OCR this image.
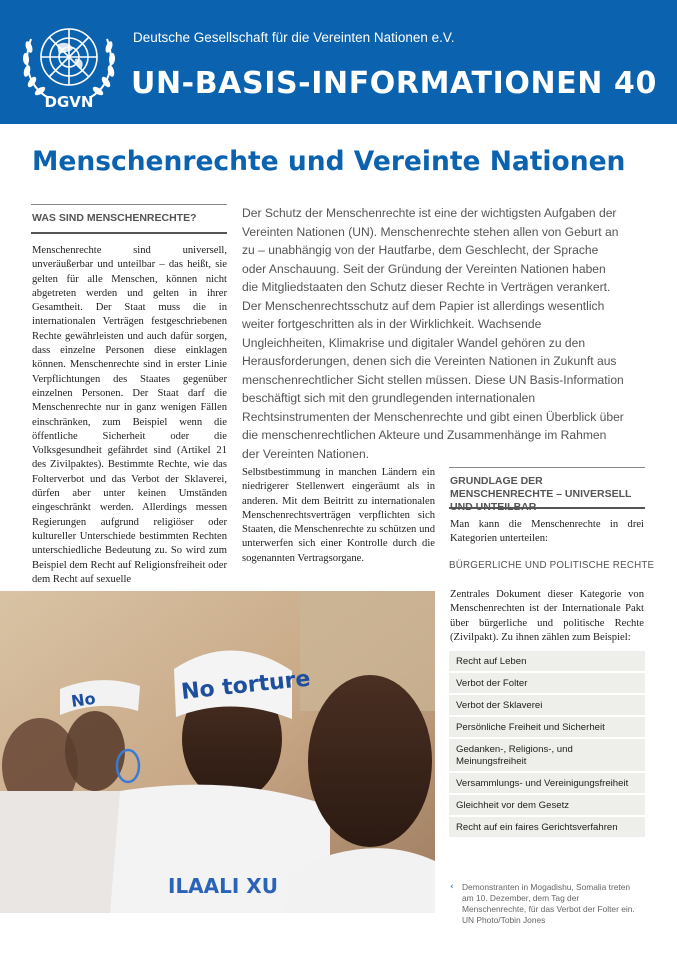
DGVN
Deutsche Gesellschaft für die Vereinten Nationen e.V.
UN-BASIS-INFORMATIONEN 40
Menschenrechte und Vereinte Nationen
WAS SIND MENSCHENRECHTE?
Menschenrechte sind universell, unveräußerbar und unteilbar – das heißt, sie gelten für alle Menschen, können nicht abgetreten werden und gelten in ihrer Gesamtheit. Der Staat muss die in internationalen Verträgen festgeschriebenen Rechte gewährleisten und auch dafür sorgen, dass einzelne Personen diese einklagen können. Menschenrechte sind in erster Linie Verpflichtungen des Staates gegenüber einzelnen Personen. Der Staat darf die Menschenrechte nur in ganz wenigen Fällen einschränken, zum Beispiel wenn die öffentliche Sicherheit oder die Volksgesundheit gefährdet sind (Artikel 21 des Zivilpaktes). Bestimmte Rechte, wie das Folterverbot und das Verbot der Sklaverei, dürfen aber unter keinen Umständen eingeschränkt werden. Allerdings messen Regierungen aufgrund religiöser oder kultureller Unterschiede bestimmten Rechten unterschiedliche Bedeutung zu. So wird zum Beispiel dem Recht auf Religionsfreiheit oder dem Recht auf sexuelle
Der Schutz der Menschenrechte ist eine der wichtigsten Aufgaben der Vereinten Nationen (UN). Menschenrechte stehen allen von Geburt an zu – unabhängig von der Hautfarbe, dem Geschlecht, der Sprache oder Anschauung. Seit der Gründung der Vereinten Nationen haben die Mitgliedstaaten den Schutz dieser Rechte in Verträgen verankert. Der Menschenrechtsschutz auf dem Papier ist allerdings wesentlich weiter fortgeschritten als in der Wirklichkeit. Wachsende Ungleichheiten, Klimakrise und digitaler Wandel gehören zu den Herausforderungen, denen sich die Vereinten Nationen in Zukunft aus menschenrechtlicher Sicht stellen müssen. Diese UN Basis-Information beschäftigt sich mit den grundlegenden internationalen Rechtsinstrumenten der Menschenrechte und gibt einen Überblick über die menschenrechtlichen Akteure und Zusammenhänge im Rahmen der Vereinten Nationen.
Selbstbestimmung in manchen Ländern ein niedrigerer Stellenwert eingeräumt als in anderen. Mit dem Beitritt zu internationalen Menschenrechtsverträgen verpflichten sich Staaten, die Menschenrechte zu schützen und unterwerfen sich einer Kontrolle durch die sogenannten Vertragsorgane.
GRUNDLAGE DER MENSCHENRECHTE – UNIVERSELL UND UNTEILBAR
Man kann die Menschenrechte in drei Kategorien unterteilen:
BÜRGERLICHE UND POLITISCHE RECHTE
Zentrales Dokument dieser Kategorie von Menschenrechten ist der Internationale Pakt über bürgerliche und politische Rechte (Zivilpakt). Zu ihnen zählen zum Beispiel:
Recht auf Leben
Verbot der Folter
Verbot der Sklaverei
Persönliche Freiheit und Sicherheit
Gedanken-, Religions-, und Meinungsfreiheit
Versammlungs- und Vereinigungsfreiheit
Gleichheit vor dem Gesetz
Recht auf ein faires Gerichtsverfahren
No	No torture
ILAALI XU	‹ Demonstranten in Mogadishu, Somalia treten am 10. Dezember, dem Tag der Menschenrechte, für das Verbot der Folter ein. UN Photo/Tobin Jones
